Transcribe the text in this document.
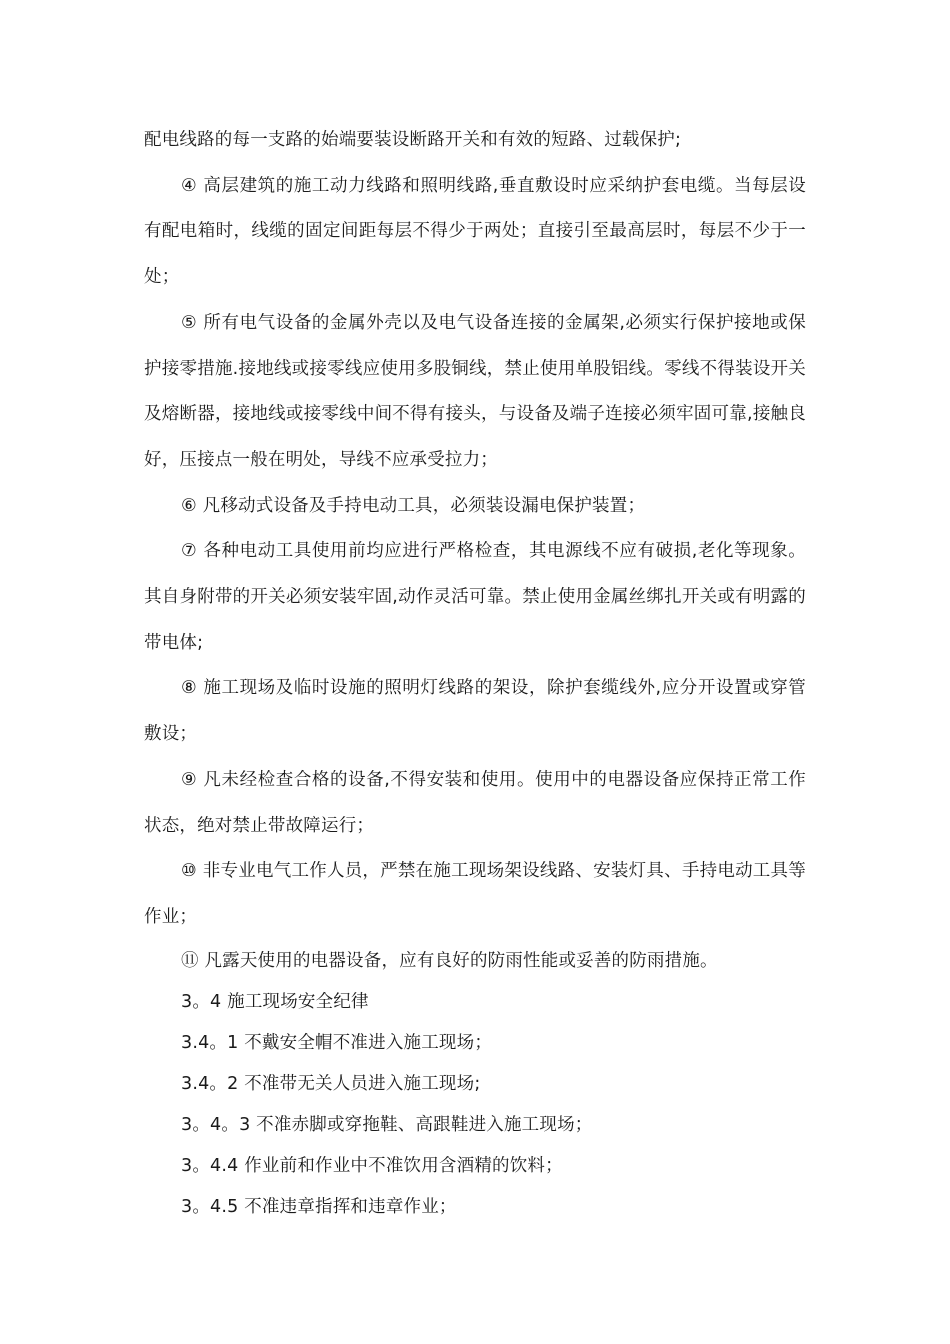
配电线路的每一支路的始端要装设断路开关和有效的短路、过载保护;

④ 高层建筑的施工动力线路和照明线路,垂直敷设时应采纳护套电缆。当每层设有配电箱时，线缆的固定间距每层不得少于两处；直接引至最高层时，每层不少于一处；

⑤ 所有电气设备的金属外壳以及电气设备连接的金属架,必须实行保护接地或保护接零措施.接地线或接零线应使用多股铜线，禁止使用单股铝线。零线不得装设开关及熔断器，接地线或接零线中间不得有接头，与设备及端子连接必须牢固可靠,接触良好，压接点一般在明处，导线不应承受拉力；

⑥ 凡移动式设备及手持电动工具，必须装设漏电保护装置；

⑦ 各种电动工具使用前均应进行严格检查，其电源线不应有破损,老化等现象。其自身附带的开关必须安装牢固,动作灵活可靠。禁止使用金属丝绑扎开关或有明露的带电体;

⑧ 施工现场及临时设施的照明灯线路的架设，除护套缆线外,应分开设置或穿管敷设；

⑨ 凡未经检查合格的设备,不得安装和使用。使用中的电器设备应保持正常工作状态，绝对禁止带故障运行；

⑩ 非专业电气工作人员，严禁在施工现场架设线路、安装灯具、手持电动工具等作业；

⑪ 凡露天使用的电器设备，应有良好的防雨性能或妥善的防雨措施。

3。4 施工现场安全纪律

3.4。1 不戴安全帽不准进入施工现场；

3.4。2 不准带无关人员进入施工现场;

3。4。3 不准赤脚或穿拖鞋、高跟鞋进入施工现场；

3。4.4 作业前和作业中不准饮用含酒精的饮料；

3。4.5 不准违章指挥和违章作业；
